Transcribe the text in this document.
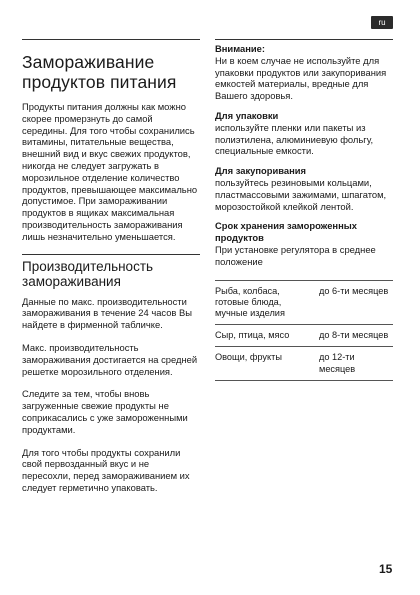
ru
Замораживание продуктов питания

Продукты питания должны как можно скорее промерзнуть до самой середины. Для того чтобы сохранились витамины, питательные вещества, внешний вид и вкус свежих продуктов, никогда не следует загружать в морозильное отделение количество продуктов, превышающее максимально допустимое. При замораживании продуктов в ящиках максимальная производительность замораживания лишь незначительно уменьшается.

Производительность замораживания

Данные по макс. производительности замораживания в течение 24 часов Вы найдете в фирменной табличке.

Макс. производительность замораживания достигается на средней решетке морозильного отделения.

Следите за тем, чтобы вновь загруженные свежие продукты не соприкасались с уже замороженными продуктами.

Для того чтобы продукты сохранили свой первозданный вкус и не пересохли, перед замораживанием их следует герметично упаковать.

Внимание:

Ни в коем случае не используйте для упаковки продуктов или закупоривания емкостей материалы, вредные для Вашего здоровья.

Для упаковки

используйте пленки или пакеты из полиэтилена, алюминиевую фольгу, специальные емкости.

Для закупоривания

пользуйтесь резиновыми кольцами, пластмассовыми зажимами, шпагатом, морозостойкой клейкой лентой.

Срок хранения замороженных продуктов

При установке регулятора в среднее положение

Рыба, колбаса, готовые блюда, мучные изделия	до 6-ти месяцев
Сыр, птица, мясо	до 8-ти месяцев
Овощи, фрукты	до 12-ти месяцев
15
